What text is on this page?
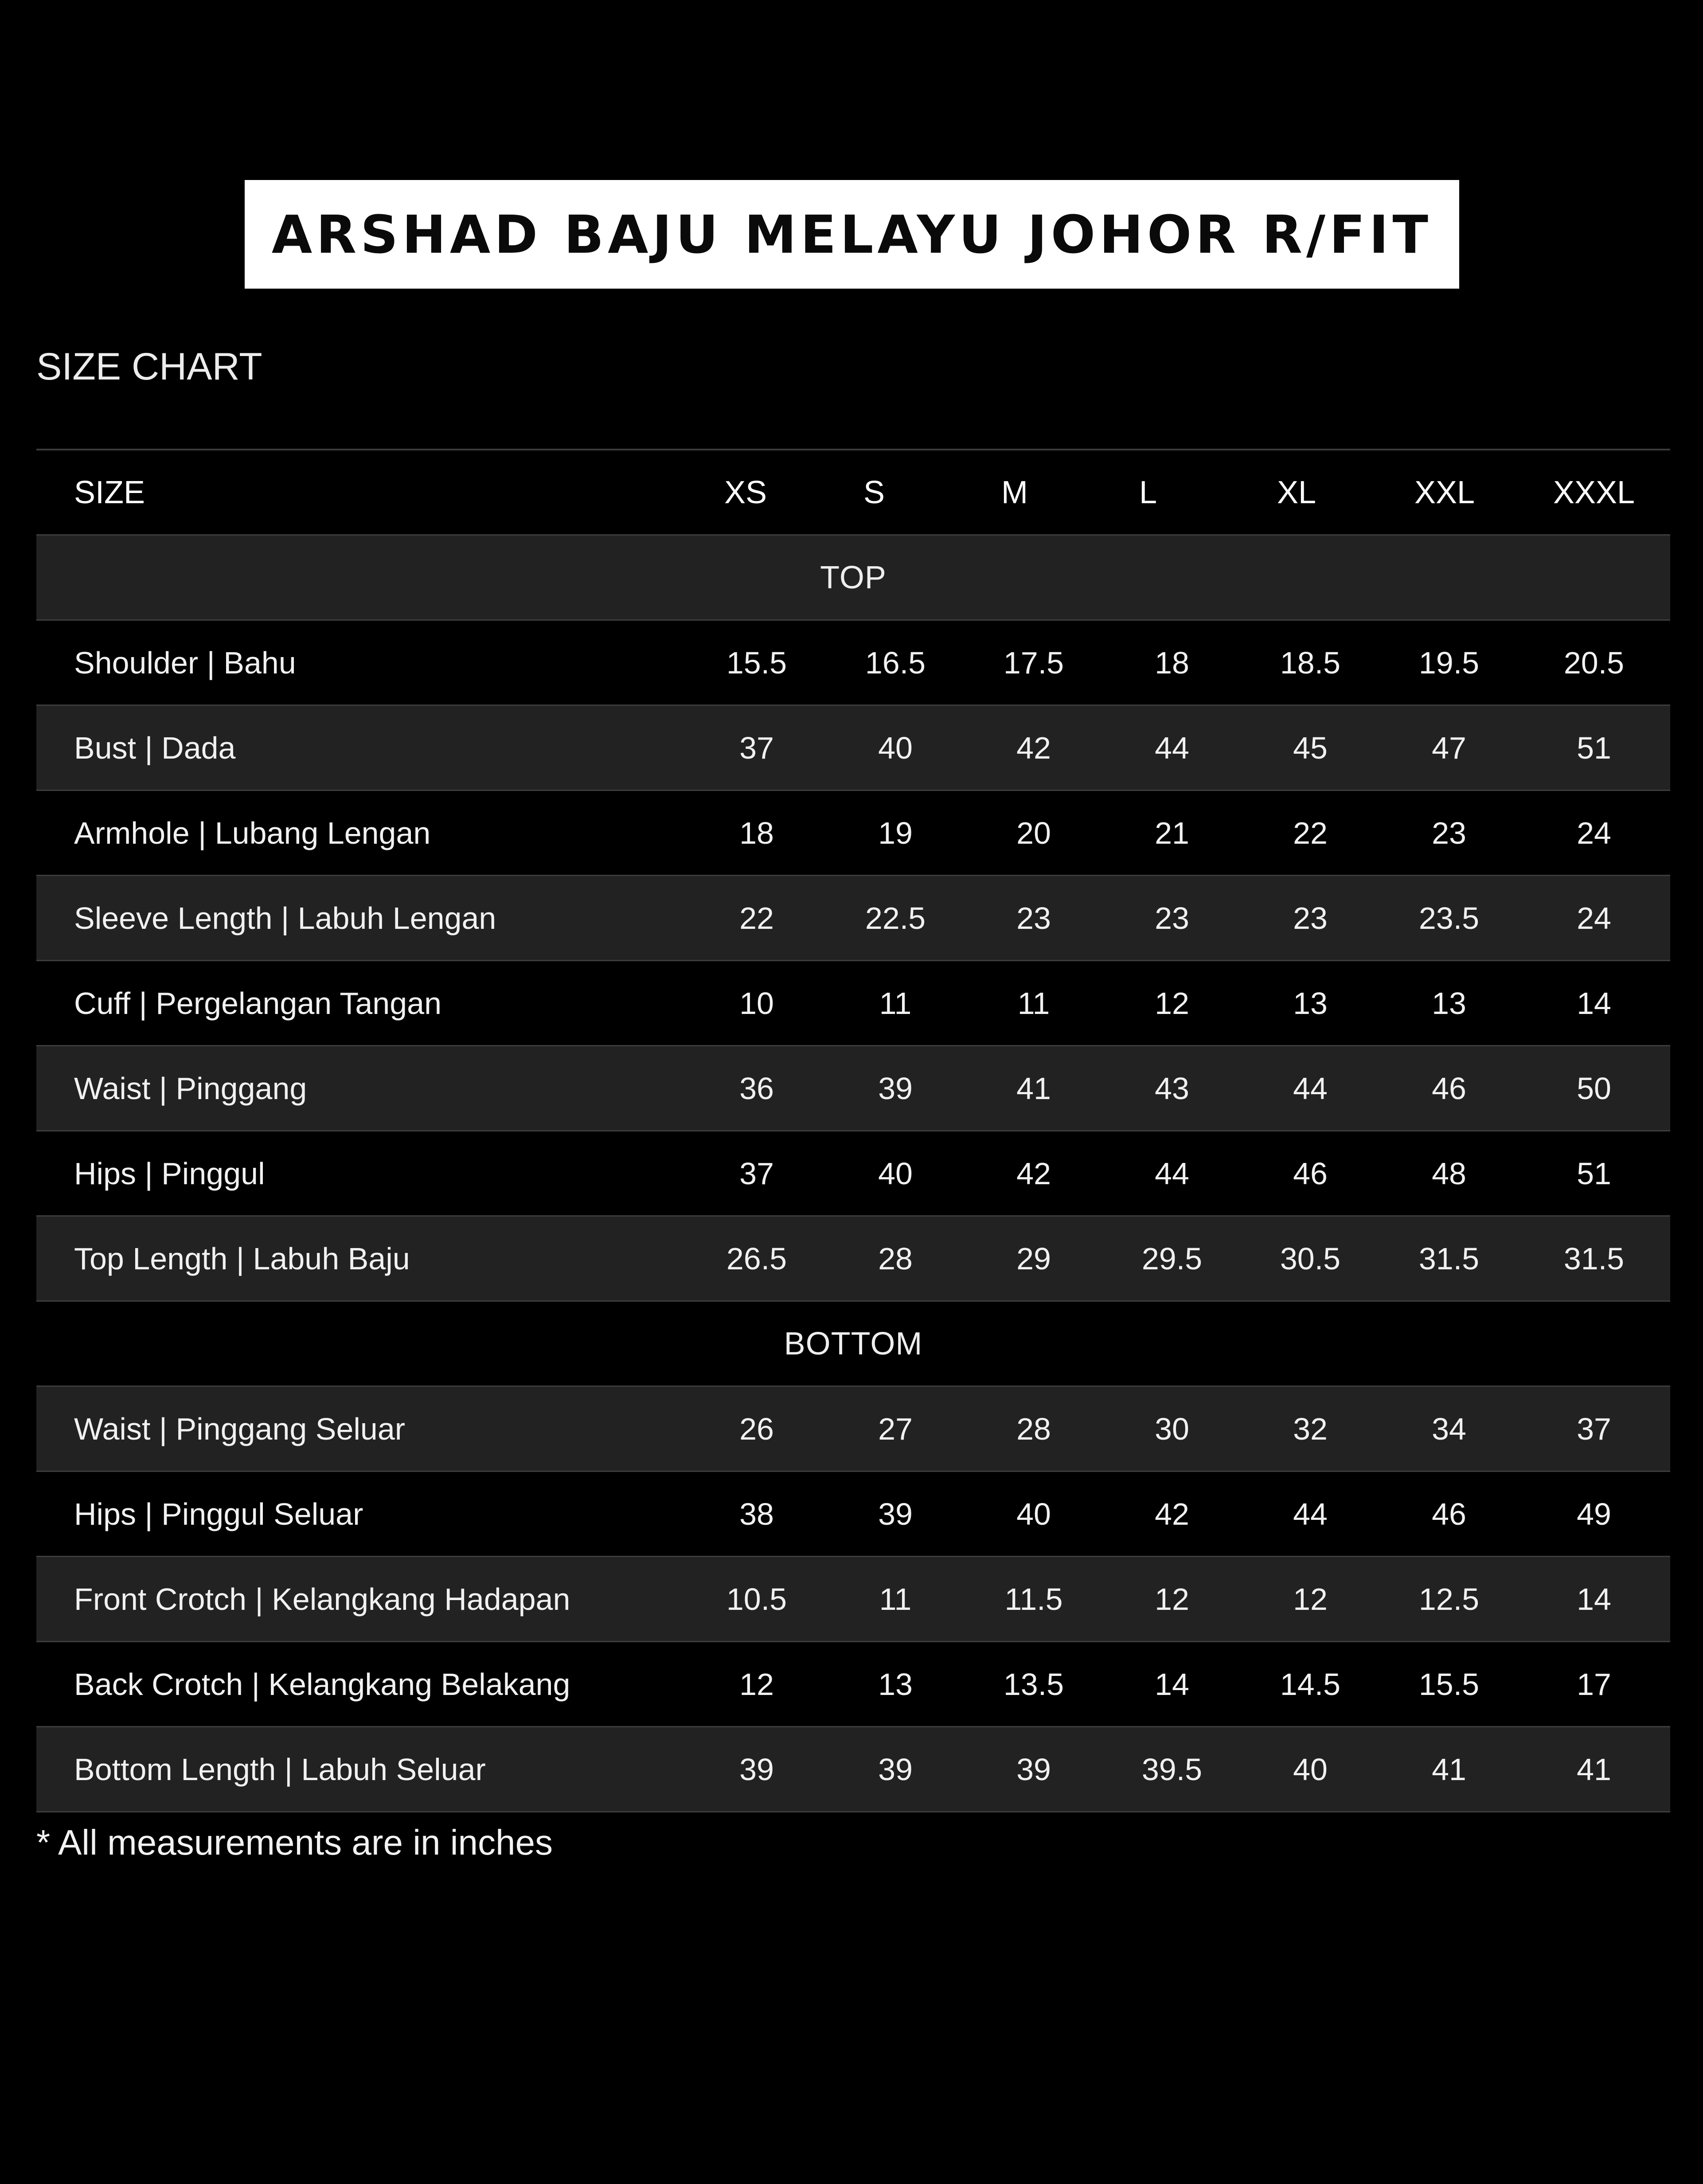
ARSHAD BAJU MELAYU JOHOR R/FIT
SIZE CHART
SIZE	XS	S	M	L	XL	XXL	XXXL
TOP
Shoulder | Bahu	15.5	16.5	17.5	18	18.5	19.5	20.5
Bust | Dada	37	40	42	44	45	47	51
Armhole | Lubang Lengan	18	19	20	21	22	23	24
Sleeve Length | Labuh Lengan	22	22.5	23	23	23	23.5	24
Cuff | Pergelangan Tangan	10	11	11	12	13	13	14
Waist | Pinggang	36	39	41	43	44	46	50
Hips | Pinggul	37	40	42	44	46	48	51
Top Length | Labuh Baju	26.5	28	29	29.5	30.5	31.5	31.5
BOTTOM
Waist | Pinggang Seluar	26	27	28	30	32	34	37
Hips | Pinggul Seluar	38	39	40	42	44	46	49
Front Crotch | Kelangkang Hadapan	10.5	11	11.5	12	12	12.5	14
Back Crotch | Kelangkang Belakang	12	13	13.5	14	14.5	15.5	17
Bottom Length | Labuh Seluar	39	39	39	39.5	40	41	41
* All measurements are in inches
